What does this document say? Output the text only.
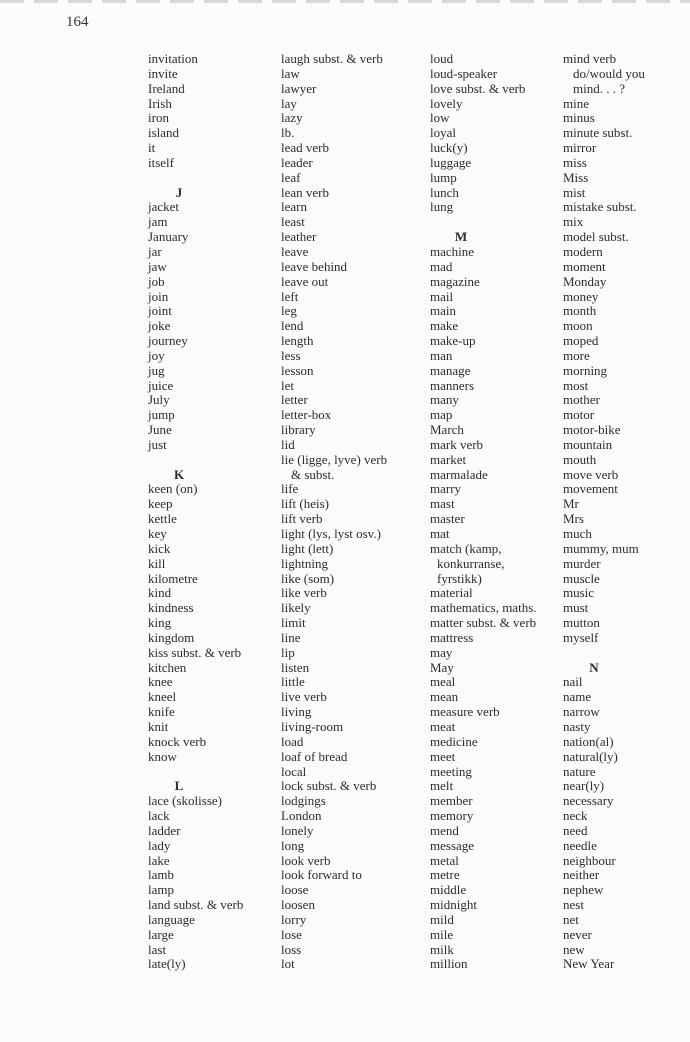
164
invitation
invite
Ireland
Irish
iron
island
it
itself
J
jacket
jam
January
jar
jaw
job
join
joint
joke
journey
joy
jug
juice
July
jump
June
just
K
keen (on)
keep
kettle
key
kick
kill
kilometre
kind
kindness
king
kingdom
kiss subst. & verb
kitchen
knee
kneel
knife
knit
knock verb
know
L
lace (skolisse)
lack
ladder
lady
lake
lamb
lamp
land subst. & verb
language
large
last
late(ly)
laugh subst. & verb
law
lawyer
lay
lazy
lb.
lead verb
leader
leaf
lean verb
learn
least
leather
leave
leave behind
leave out
left
leg
lend
length
less
lesson
let
letter
letter-box
library
lid
lie (ligge, lyve) verb
& subst.
life
lift (heis)
lift verb
light (lys, lyst osv.)
light (lett)
lightning
like (som)
like verb
likely
limit
line
lip
listen
little
live verb
living
living-room
load
loaf of bread
local
lock subst. & verb
lodgings
London
lonely
long
look verb
look forward to
loose
loosen
lorry
lose
loss
lot
loud
loud-speaker
love subst. & verb
lovely
low
loyal
luck(y)
luggage
lump
lunch
lung
M
machine
mad
magazine
mail
main
make
make-up
man
manage
manners
many
map
March
mark verb
market
marmalade
marry
mast
master
mat
match (kamp,
konkurranse,
fyrstikk)
material
mathematics, maths.
matter subst. & verb
mattress
may
May
meal
mean
measure verb
meat
medicine
meet
meeting
melt
member
memory
mend
message
metal
metre
middle
midnight
mild
mile
milk
million
mind verb
do/would you
mind. . . ?
mine
minus
minute subst.
mirror
miss
Miss
mist
mistake subst.
mix
model subst.
modern
moment
Monday
money
month
moon
moped
more
morning
most
mother
motor
motor-bike
mountain
mouth
move verb
movement
Mr
Mrs
much
mummy, mum
murder
muscle
music
must
mutton
myself
N
nail
name
narrow
nasty
nation(al)
natural(ly)
nature
near(ly)
necessary
neck
need
needle
neighbour
neither
nephew
nest
net
never
new
New Year
